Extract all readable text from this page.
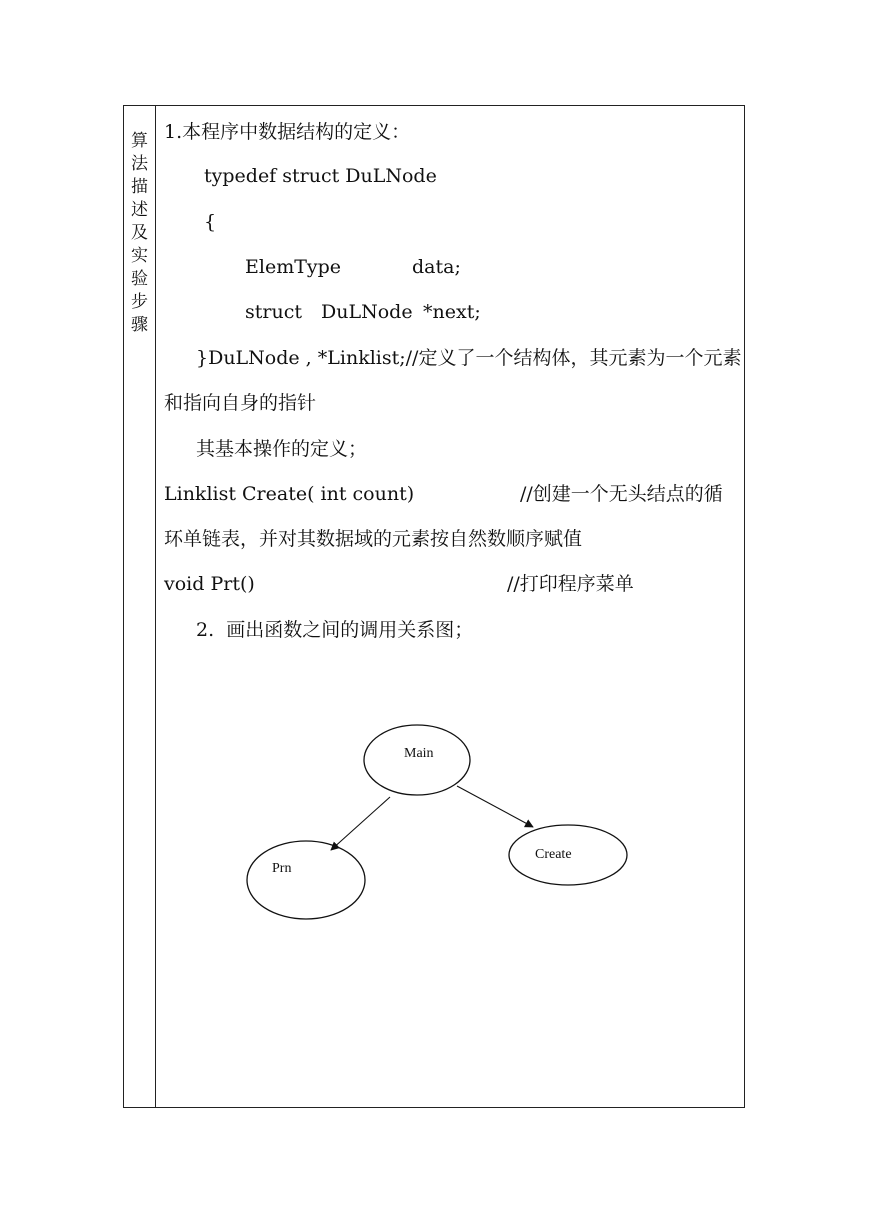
算法描述及实验步骤
1.本程序中数据结构的定义：
typedef struct DuLNode
{
ElemType	data;
struct DuLNode *next;
}DuLNode , *Linklist;//定义了一个结构体，其元素为一个元素
和指向自身的指针
其基本操作的定义；
Linklist Create( int count)	//创建一个无头结点的循
环单链表，并对其数据域的元素按自然数顺序赋值
void Prt()	//打印程序菜单
2.  画出函数之间的调用关系图；
Main
Prn
Create
